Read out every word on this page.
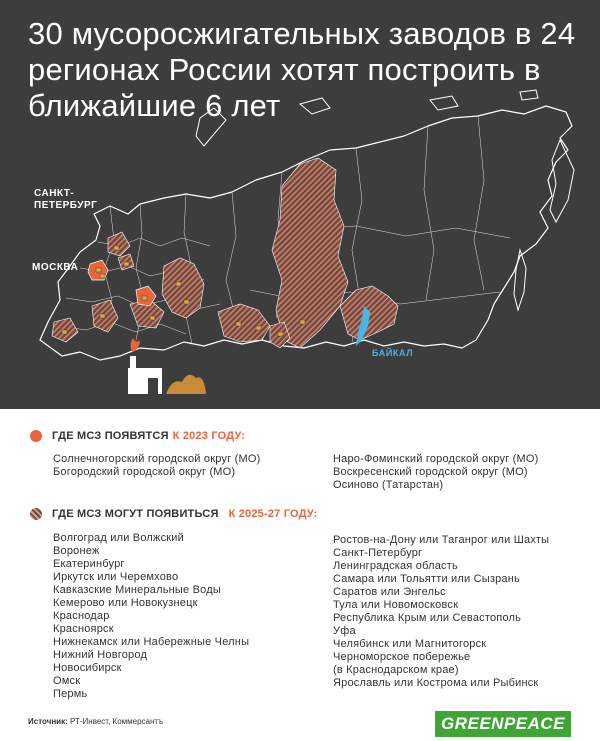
30 мусоросжигательных заводов в 24 регионах России хотят построить в ближайшие 6 лет
САНКТ-
ПЕТЕРБУРГ
МОСКВА
БАЙКАЛ
ГДЕ МСЗ ПОЯВЯТСЯ К 2023 ГОДУ:
Солнечногорский городской округ (МО)
Богородский городской округ (МО)
Наро-Фоминский городской округ (МО)
Воскресенский городской округ (МО)
Осиново (Татарстан)
ГДЕ МСЗ МОГУТ ПОЯВИТЬСЯ К 2025-27 ГОДУ:
Волгоград или Волжский
Воронеж
Екатеринбург
Иркутск или Черемхово
Кавказские Минеральные Воды
Кемерово или Новокузнецк
Краснодар
Красноярск
Нижнекамск или Набережные Челны
Нижний Новгород
Новосибирск
Омск
Пермь
Ростов-на-Дону или Таганрог или Шахты
Санкт-Петербург
Ленинградская область
Самара или Тольятти или Сызрань
Саратов или Энгельс
Тула или Новомосковск
Республика Крым или Севастополь
Уфа
Челябинск или Магнитогорск
Черноморское побережье
(в Краснодарском крае)
Ярославль или Кострома или Рыбинск
Источник: РТ-Инвест, Коммерсантъ	GREENPEACE
